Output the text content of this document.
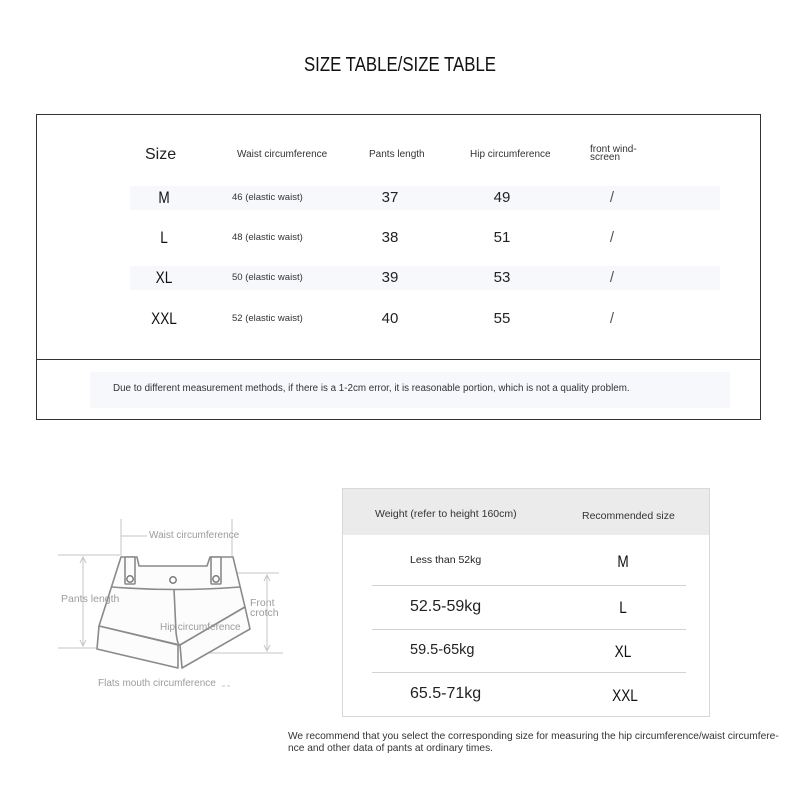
SIZE TABLE/SIZE TABLE
Size	Waist circumference	Pants length	Hip circumference	front wind-
screen
M	46 (elastic waist)	37	49	/
L	48 (elastic waist)	38	51	/
XL	50 (elastic waist)	39	53	/
XXL	52 (elastic waist)	40	55	/
Due to different measurement methods, if there is a 1-2cm error, it is reasonable portion, which is not a quality problem.
Waist circumference
Pants length	Front
crotch
Hip circumference
Flats mouth circumference
Weight (refer to height 160cm)	Recommended size
Less than 52kg	M
52.5-59kg	L
59.5-65kg	XL
65.5-71kg	XXL
We recommend that you select the corresponding size for measuring the hip circumference/waist circumfere-
nce and other data of pants at ordinary times.
